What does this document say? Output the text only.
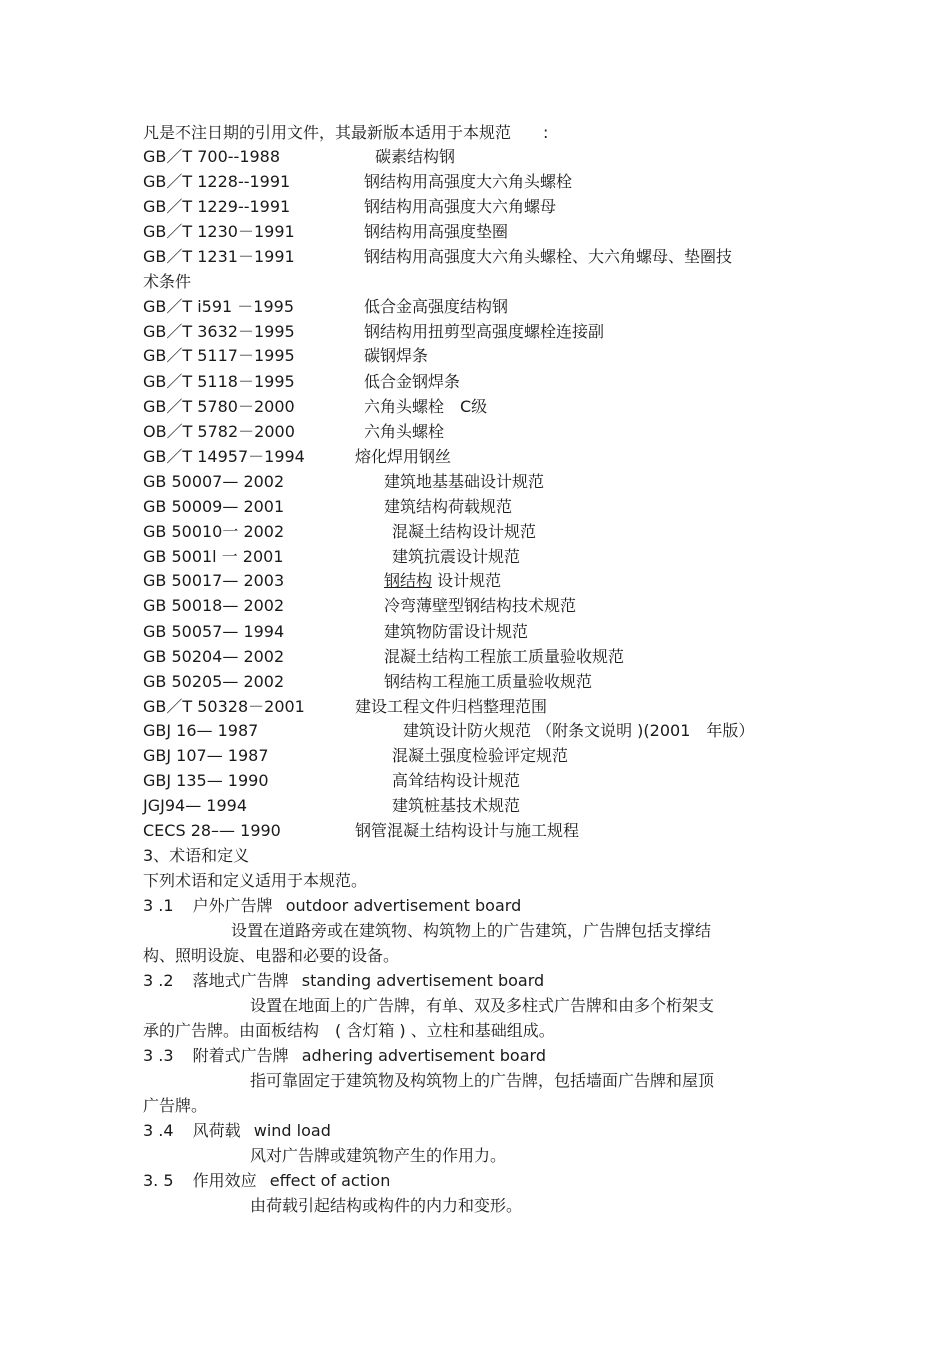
凡是不注日期的引用文件，其最新版本适用于本规范　　:
GB／T 700--1988	碳素结构钢
GB／T 1228--1991	钢结构用高强度大六角头螺栓
GB／T 1229--1991	钢结构用高强度大六角螺母
GB／T 1230－1991	钢结构用高强度垫圈
GB／T 1231－1991	钢结构用高强度大六角头螺栓、大六角螺母、垫圈技
术条件
GB／T i591 －1995	低合金高强度结构钢
GB／T 3632－1995	钢结构用扭剪型高强度螺栓连接副
GB／T 5117－1995	碳钢焊条
GB／T 5118－1995	低合金钢焊条
GB／T 5780－2000	六角头螺栓　C级
OB／T 5782－2000	六角头螺栓
GB／T 14957－1994	熔化焊用钢丝
GB 50007— 2002	建筑地基基础设计规范
GB 50009— 2001	建筑结构荷载规范
GB 50010一 2002	混凝土结构设计规范
GB 5001l 一 2001	建筑抗震设计规范
GB 50017— 2003	钢结构 设计规范
GB 50018— 2002	冷弯薄壁型钢结构技术规范
GB 50057— 1994	建筑物防雷设计规范
GB 50204— 2002	混凝土结构工程旅工质量验收规范
GB 50205— 2002	钢结构工程施工质量验收规范
GB／T 50328－2001	建设工程文件归档整理范围
GBJ 16— 1987	建筑设计防火规范 （附条文说明 )(2001　年版）
GBJ 107— 1987	混凝土强度检验评定规范
GBJ 135— 1990	高耸结构设计规范
JGJ94— 1994	建筑桩基技术规范
CECS 28–— 1990	钢管混凝土结构设计与施工规程
3、术语和定义
下列术语和定义适用于本规范。
3 .1 户外广告牌 outdoor advertisement board
设置在道路旁或在建筑物、构筑物上的广告建筑，广告牌包括支撑结
构、照明设旋、电器和必要的设备。
3 .2 落地式广告牌 standing advertisement board
设置在地面上的广告牌，有单、双及多柱式广告牌和由多个桁架支
承的广告牌。由面板结构　( 含灯箱 ) 、立柱和基础组成。
3 .3 附着式广告牌 adhering advertisement board
指可靠固定于建筑物及构筑物上的广告牌，包括墙面广告牌和屋顶
广告牌。
3 .4 风荷载 wind load
风对广告牌或建筑物产生的作用力。
3. 5 作用效应 effect of action
由荷载引起结构或构件的内力和变形。
